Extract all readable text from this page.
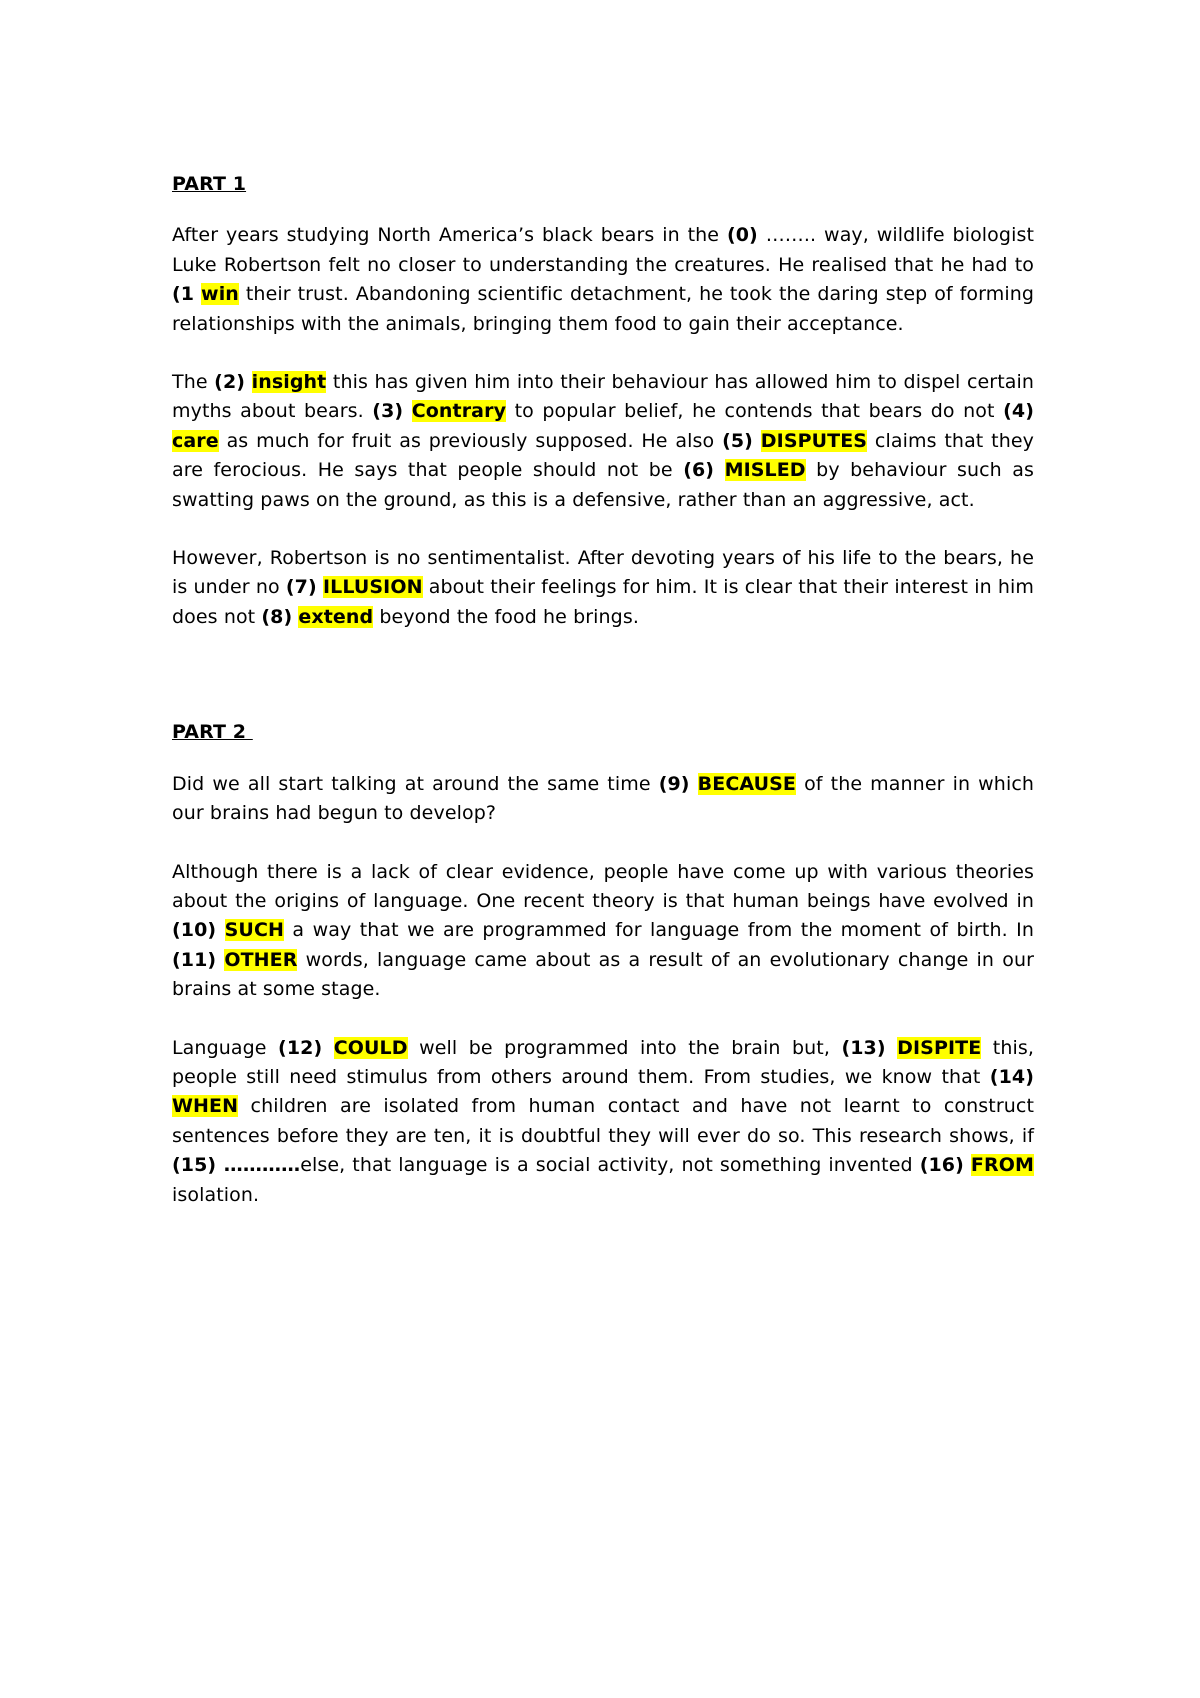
PART 1

After years studying North America’s black bears in the (0) …….. way, wildlife biologist Luke Robertson felt no closer to understanding the creatures. He realised that he had to (1 win their trust. Abandoning scientific detachment, he took the daring step of forming relationships with the animals, bringing them food to gain their acceptance.

The (2) insight this has given him into their behaviour has allowed him to dispel certain myths about bears. (3) Contrary to popular belief, he contends that bears do not (4) care as much for fruit as previously supposed. He also (5) DISPUTES claims that they are ferocious. He says that people should not be (6) MISLED by behaviour such as swatting paws on the ground, as this is a defensive, rather than an aggressive, act.

However, Robertson is no sentimentalist. After devoting years of his life to the bears, he is under no (7) ILLUSION about their feelings for him. It is clear that their interest in him does not (8) extend beyond the food he brings.

PART 2

Did we all start talking at around the same time (9) BECAUSE of the manner in which our brains had begun to develop?

Although there is a lack of clear evidence, people have come up with various theories about the origins of language. One recent theory is that human beings have evolved in (10) SUCH a way that we are programmed for language from the moment of birth. In (11) OTHER words, language came about as a result of an evolutionary change in our brains at some stage.

Language (12) COULD well be programmed into the brain but, (13) DISPITE this, people still need stimulus from others around them. From studies, we know that (14) WHEN children are isolated from human contact and have not learnt to construct sentences before they are ten, it is doubtful they will ever do so. This research shows, if (15) …………else, that language is a social activity, not something invented (16) FROM isolation.
